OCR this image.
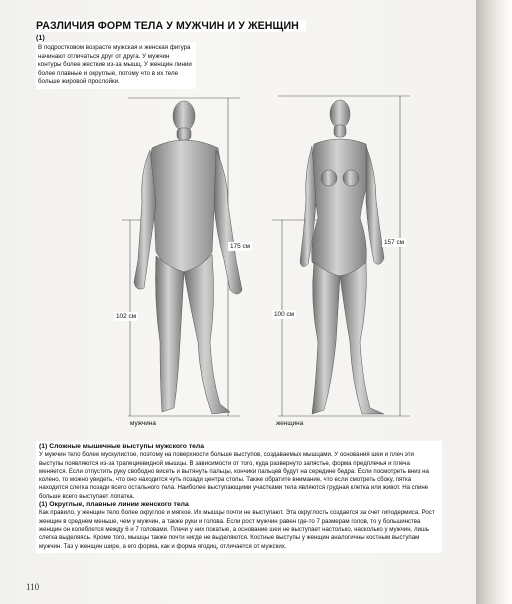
РАЗЛИЧИЯ ФОРМ ТЕЛА У МУЖЧИН И У ЖЕНЩИН
(1)
В подростковом возрасте мужская и женская фигура начинают отличаться друг от друга. У мужчин контуры более жесткие из-за мышц. У женщин линии более плавные и округлые, потому что в их теле больше жировой прослойки.
175 см
102 см
157 см
100 см
мужчина	женщина
(1) Сложные мышечные выступы мужского тела
У мужчин тело более мускулистое, поэтому на поверхности больше выступов, создаваемых мышцами. У основания шеи и плеч эти выступы появляются из-за трапециевидной мышцы. В зависимости от того, куда развернуто запястье, форма предплечья и плеча меняется. Если отпустить руку свободно висеть и вытянуть пальцы, кончики пальцев будут на середине бедра. Если посмотреть вниз на колено, то можно увидеть, что оно находится чуть позади центра стопы. Также обратите внимание, что если смотреть сбоку, пятка находится слегка позади всего остального тела. Наиболее выступающими участками тела являются грудная клетка или живот. На спине больше всего выступает лопатка.
(1) Округлые, плавные линии женского тела
Как правило, у женщин тело более округлое и мягкое. Их мышцы почти не выступают. Эта округлость создается за счет гиподермиса. Рост женщин в среднем меньше, чем у мужчин, а также руки и голова. Если рост мужчин равен где-то 7 размерам голов, то у большинства женщин он колеблется между 6 и 7 головами. Плечи у них покатые, а основание шеи не выступает настолько, насколько у мужчин, лишь слегка выделяясь. Кроме того, мышцы также почти нигде не выделяются. Костные выступы у женщин аналогичны костным выступам мужчин. Таз у женщин шире, а его форма, как и форма ягодиц, отличается от мужских.
110
